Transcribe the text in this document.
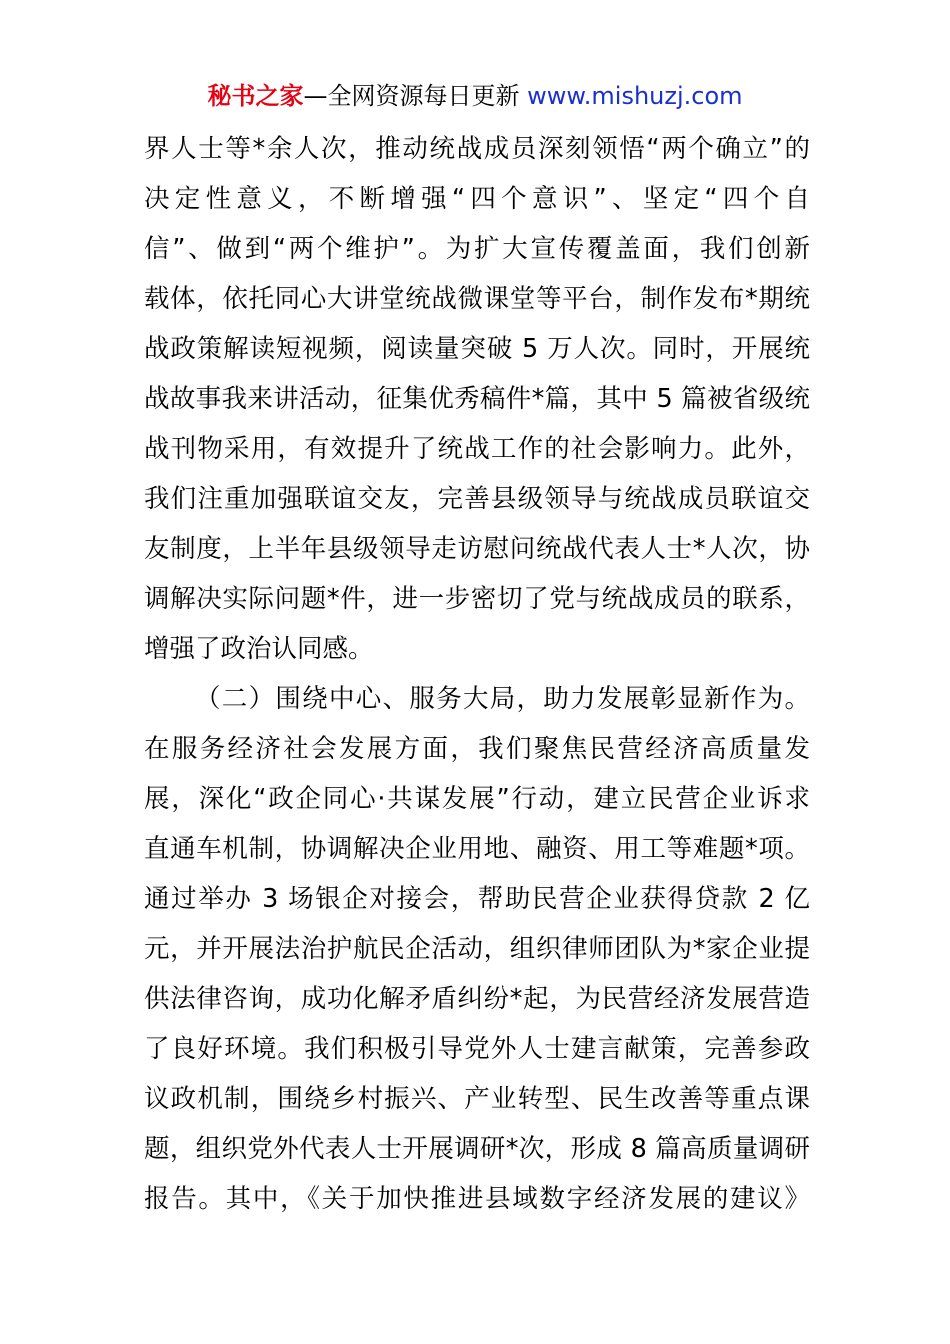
秘书之家—全网资源每日更新 www.mishuzj.com
界人士等*余人次，推动统战成员深刻领悟“两个确立”的
决定性意义，不断增强“四个意识”、坚定“四个自
信”、做到“两个维护”。为扩大宣传覆盖面，我们创新
载体，依托同心大讲堂统战微课堂等平台，制作发布*期统
战政策解读短视频，阅读量突破 5 万人次。同时，开展统
战故事我来讲活动，征集优秀稿件*篇，其中 5 篇被省级统
战刊物采用，有效提升了统战工作的社会影响力。此外，
我们注重加强联谊交友，完善县级领导与统战成员联谊交
友制度，上半年县级领导走访慰问统战代表人士*人次，协
调解决实际问题*件，进一步密切了党与统战成员的联系，
增强了政治认同感。
（二）围绕中心、服务大局，助力发展彰显新作为。
在服务经济社会发展方面，我们聚焦民营经济高质量发
展，深化“政企同心·共谋发展”行动，建立民营企业诉求
直通车机制，协调解决企业用地、融资、用工等难题*项。
通过举办 3 场银企对接会，帮助民营企业获得贷款 2 亿
元，并开展法治护航民企活动，组织律师团队为*家企业提
供法律咨询，成功化解矛盾纠纷*起，为民营经济发展营造
了良好环境。我们积极引导党外人士建言献策，完善参政
议政机制，围绕乡村振兴、产业转型、民生改善等重点课
题，组织党外代表人士开展调研*次，形成 8 篇高质量调研
报告。其中，《关于加快推进县域数字经济发展的建议》
